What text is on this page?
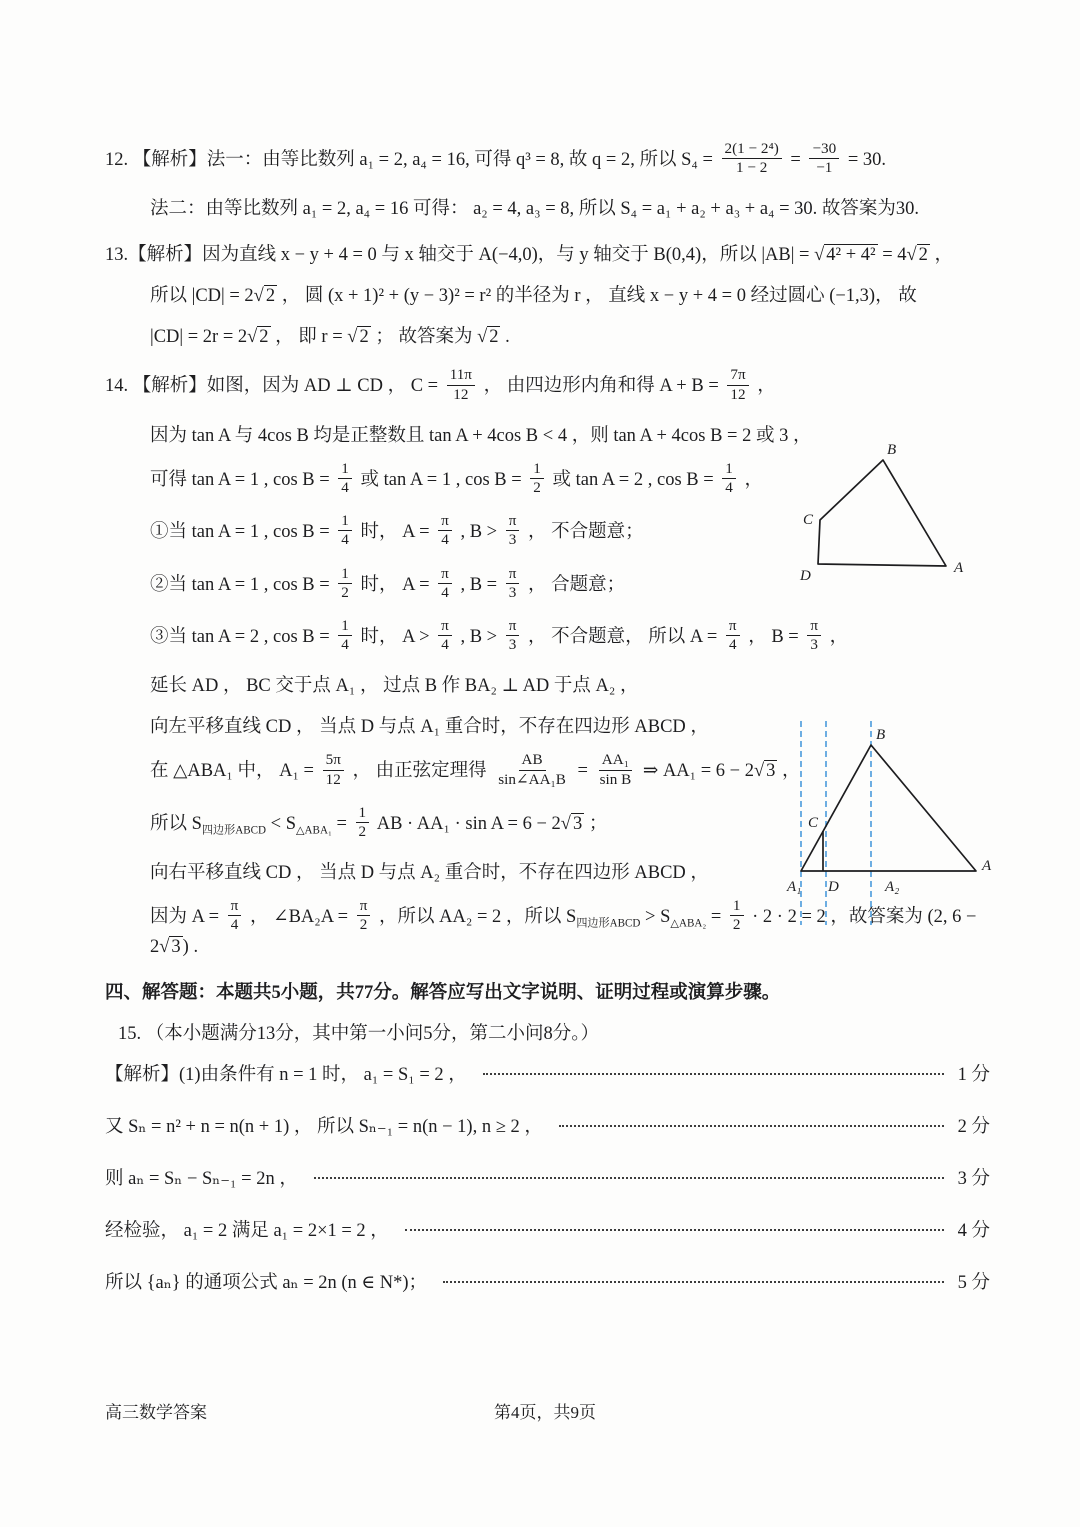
12. 【解析】法一：由等比数列 a₁ = 2, a₄ = 16, 可得 q³ = 8, 故 q = 2, 所以 $S_4 = \frac{\text{2(1 − 2⁴)}}{1 - 2} = \frac{-30}{-1} = 30$.
法二：由等比数列 a₁ = 2, a₄ = 16 可得： a₂ = 4, a₃ = 8, 所以 S₄ = a₁ + a₂ + a₃ + a₄ = 30. 故答案为30.
13.【解析】因为直线 x − y + 4 = 0 与 x 轴交于 A(−4,0)，与 y 轴交于 B(0,4)，所以 |AB| = √ 4² + 4² = 4√ 2 ，
所以 |CD| = 2√ 2 ， 圆 (x + 1)² + (y − 3)² = r² 的半径为 r ， 直线 x − y + 4 = 0 经过圆心 (−1,3)， 故
|CD| = 2r = 2√ 2 ， 即 r = √ 2 ； 故答案为 √ 2 .
14. 【解析】如图，因为 AD ⊥ CD ， $C = \frac{11\pi}{12}$ ， 由四边形内角和得 $A + B = \frac{7\pi}{12}$ ，
因为 tan A 与 4cos B 均是正整数且 tan A + 4cos B < 4 ，则 tan A + 4cos B = 2 或 3 ，
可得 tan A = 1 , $\cos B = \frac{1}{4}$ 或 tan A = 1 , $\cos B = \frac{1}{2}$ 或 tan A = 2 , $\cos B = \frac{1}{4}$ ，
①当 tan A = 1 , $\cos B = \frac{1}{4}$ 时， $A = \frac{\pi}{4}$ , $B > \frac{\pi}{3}$ ， 不合题意；
②当 tan A = 1 , $\cos B = \frac{1}{2}$ 时， $A = \frac{\pi}{4}$ , $B = \frac{\pi}{3}$ ， 合题意；
③当 tan A = 2 , $\cos B = \frac{1}{4}$ 时， $A > \frac{\pi}{4}$ , $B > \frac{\pi}{3}$ ， 不合题意， 所以 $A = \frac{\pi}{4}$ ， $B = \frac{\pi}{3}$ ，
延长 AD ， BC 交于点 A₁ ， 过点 B 作 BA₂ ⊥ AD 于点 A₂ ，
向左平移直线 CD ， 当点 D 与点 A₁ 重合时，不存在四边形 ABCD ，
在 △ABA₁ 中， $A_1 = \frac{5\pi}{12}$ ， 由正弦定理得 $\frac{AB}{\text{sin∠AA₁B}} = \frac{\text{AA₁}}{\text{sin B}}$ ⇒ AA₁ = 6 − 2√ 3 ，
所以 $S_{四边形ABCD} < S_{\triangle ABA_1} = \frac{1}{2}$ AB · AA₁ · sin A = 6 − 2√ 3 ；
向右平移直线 CD ， 当点 D 与点 A₂ 重合时，不存在四边形 ABCD ，
因为 $A = \frac{\pi}{4}$ ， ∠BA₂A = $\frac{\pi}{2}$ ，所以 AA₂ = 2 ，所以 $S_{四边形ABCD} > S_{\triangle ABA_2} = \frac{1}{2} \cdot 2 \cdot 2 = 2$ ，故答案为 (2, 6 − 2√ 3 ) .
B
C
D	A
B
A
C
A₁ D	A₂
四、解答题：本题共5小题，共77分。解答应写出文字说明、证明过程或演算步骤。
15. （本小题满分13分，其中第一小问5分，第二小问8分。）
【解析】(1)由条件有 n = 1 时， a₁ = S₁ = 2 ，	1 分
又 Sₙ = n² + n = n(n + 1) ， 所以 Sₙ₋₁ = n(n − 1), n ≥ 2 ，	2 分
则 aₙ = Sₙ − Sₙ₋₁ = 2n ，	3 分
经检验， a₁ = 2 满足 a₁ = 2×1 = 2 ，	4 分
所以 {aₙ} 的通项公式 aₙ = 2n (n ∈ N*)；	5 分
高三数学答案	第4页，共9页
